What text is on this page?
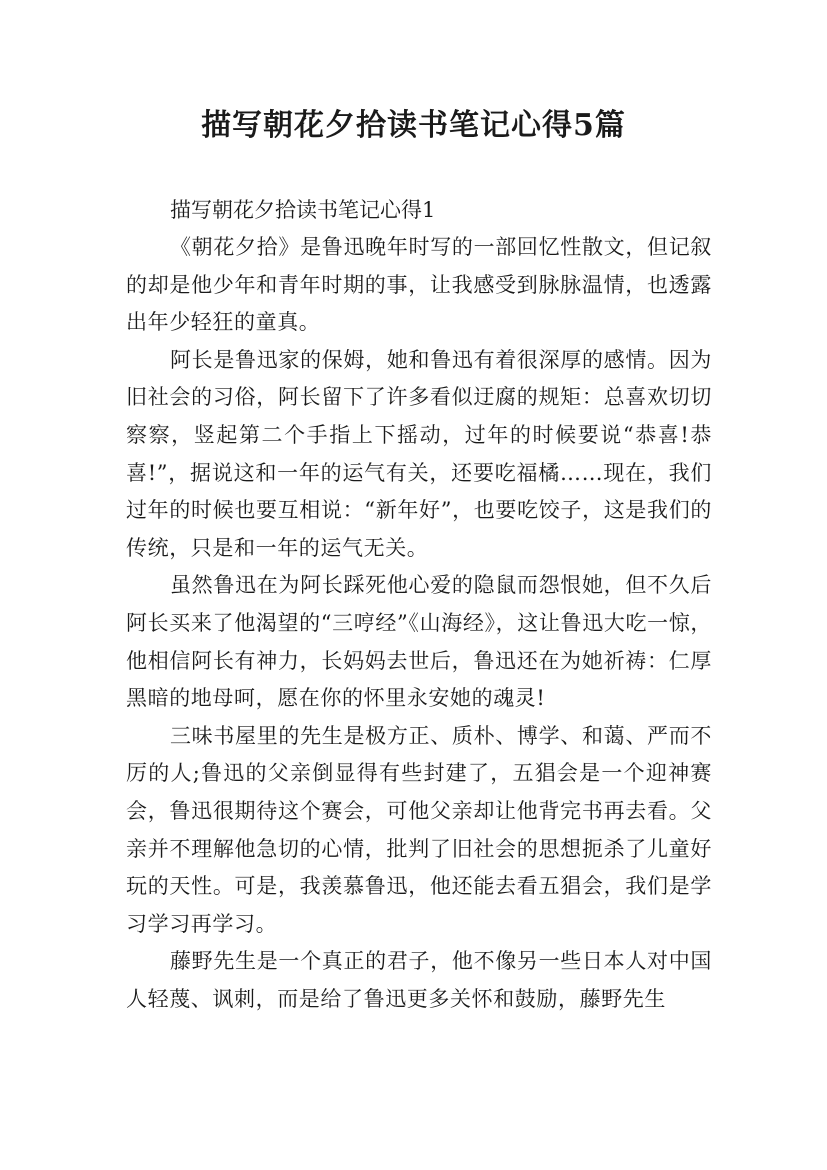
描写朝花夕拾读书笔记心得5篇

描写朝花夕拾读书笔记心得1

《朝花夕拾》是鲁迅晚年时写的一部回忆性散文，但记叙的却是他少年和青年时期的事，让我感受到脉脉温情，也透露出年少轻狂的童真。

阿长是鲁迅家的保姆，她和鲁迅有着很深厚的感情。因为旧社会的习俗，阿长留下了许多看似迂腐的规矩：总喜欢切切察察，竖起第二个手指上下摇动，过年的时候要说“恭喜!恭喜!”，据说这和一年的运气有关，还要吃福橘……现在，我们过年的时候也要互相说：“新年好”，也要吃饺子，这是我们的传统，只是和一年的运气无关。

虽然鲁迅在为阿长踩死他心爱的隐鼠而怨恨她，但不久后阿长买来了他渴望的“三哼经”《山海经》，这让鲁迅大吃一惊，他相信阿长有神力，长妈妈去世后，鲁迅还在为她祈祷：仁厚黑暗的地母呵，愿在你的怀里永安她的魂灵!

三味书屋里的先生是极方正、质朴、博学、和蔼、严而不厉的人;鲁迅的父亲倒显得有些封建了，五猖会是一个迎神赛会，鲁迅很期待这个赛会，可他父亲却让他背完书再去看。父亲并不理解他急切的心情，批判了旧社会的思想扼杀了儿童好玩的天性。可是，我羡慕鲁迅，他还能去看五猖会，我们是学习学习再学习。

藤野先生是一个真正的君子，他不像另一些日本人对中国人轻蔑、讽刺，而是给了鲁迅更多关怀和鼓励，藤野先生
